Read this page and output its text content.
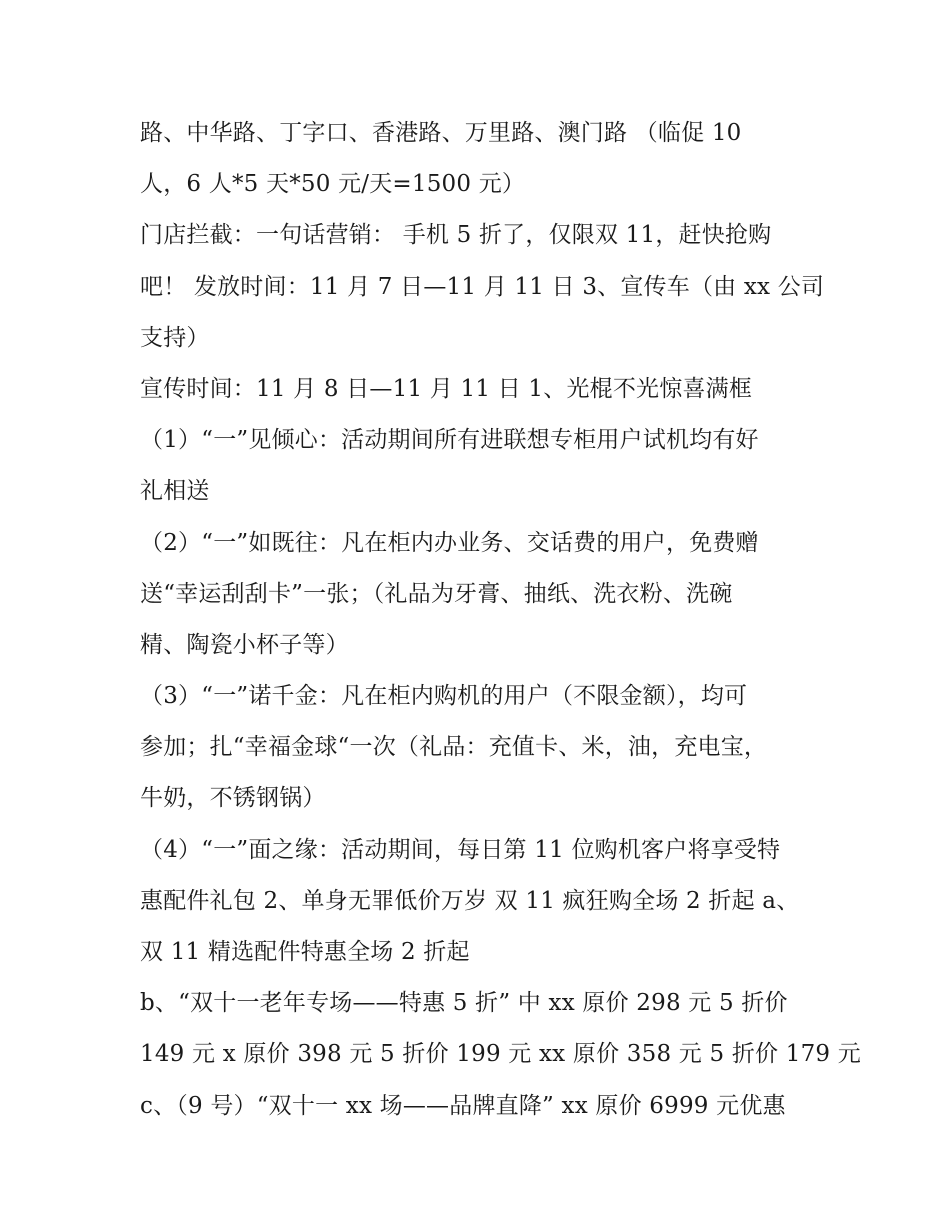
路、中华路、丁字口、香港路、万里路、澳门路 （临促 10
人，6 人*5 天*50 元/天=1500 元）
门店拦截：一句话营销： 手机 5 折了，仅限双 11，赶快抢购
吧！ 发放时间：11 月 7 日—11 月 11 日 3、宣传车（由 xx 公司
支持）
宣传时间：11 月 8 日—11 月 11 日 1、光棍不光惊喜满框
（1）“一”见倾心：活动期间所有进联想专柜用户试机均有好
礼相送
（2）“一”如既往：凡在柜内办业务、交话费的用户，免费赠
送“幸运刮刮卡”一张；（礼品为牙膏、抽纸、洗衣粉、洗碗
精、陶瓷小杯子等）
（3）“一”诺千金：凡在柜内购机的用户（不限金额），均可
参加；扎“幸福金球“一次（礼品：充值卡、米，油，充电宝，
牛奶，不锈钢锅）
（4）“一”面之缘：活动期间，每日第 11 位购机客户将享受特
惠配件礼包 2、单身无罪低价万岁 双 11 疯狂购全场 2 折起 a、
双 11 精选配件特惠全场 2 折起
b、“双十一老年专场——特惠 5 折” 中 xx 原价 298 元 5 折价
149 元 x 原价 398 元 5 折价 199 元 xx 原价 358 元 5 折价 179 元
c、（9 号）“双十一 xx 场——品牌直降” xx 原价 6999 元优惠
